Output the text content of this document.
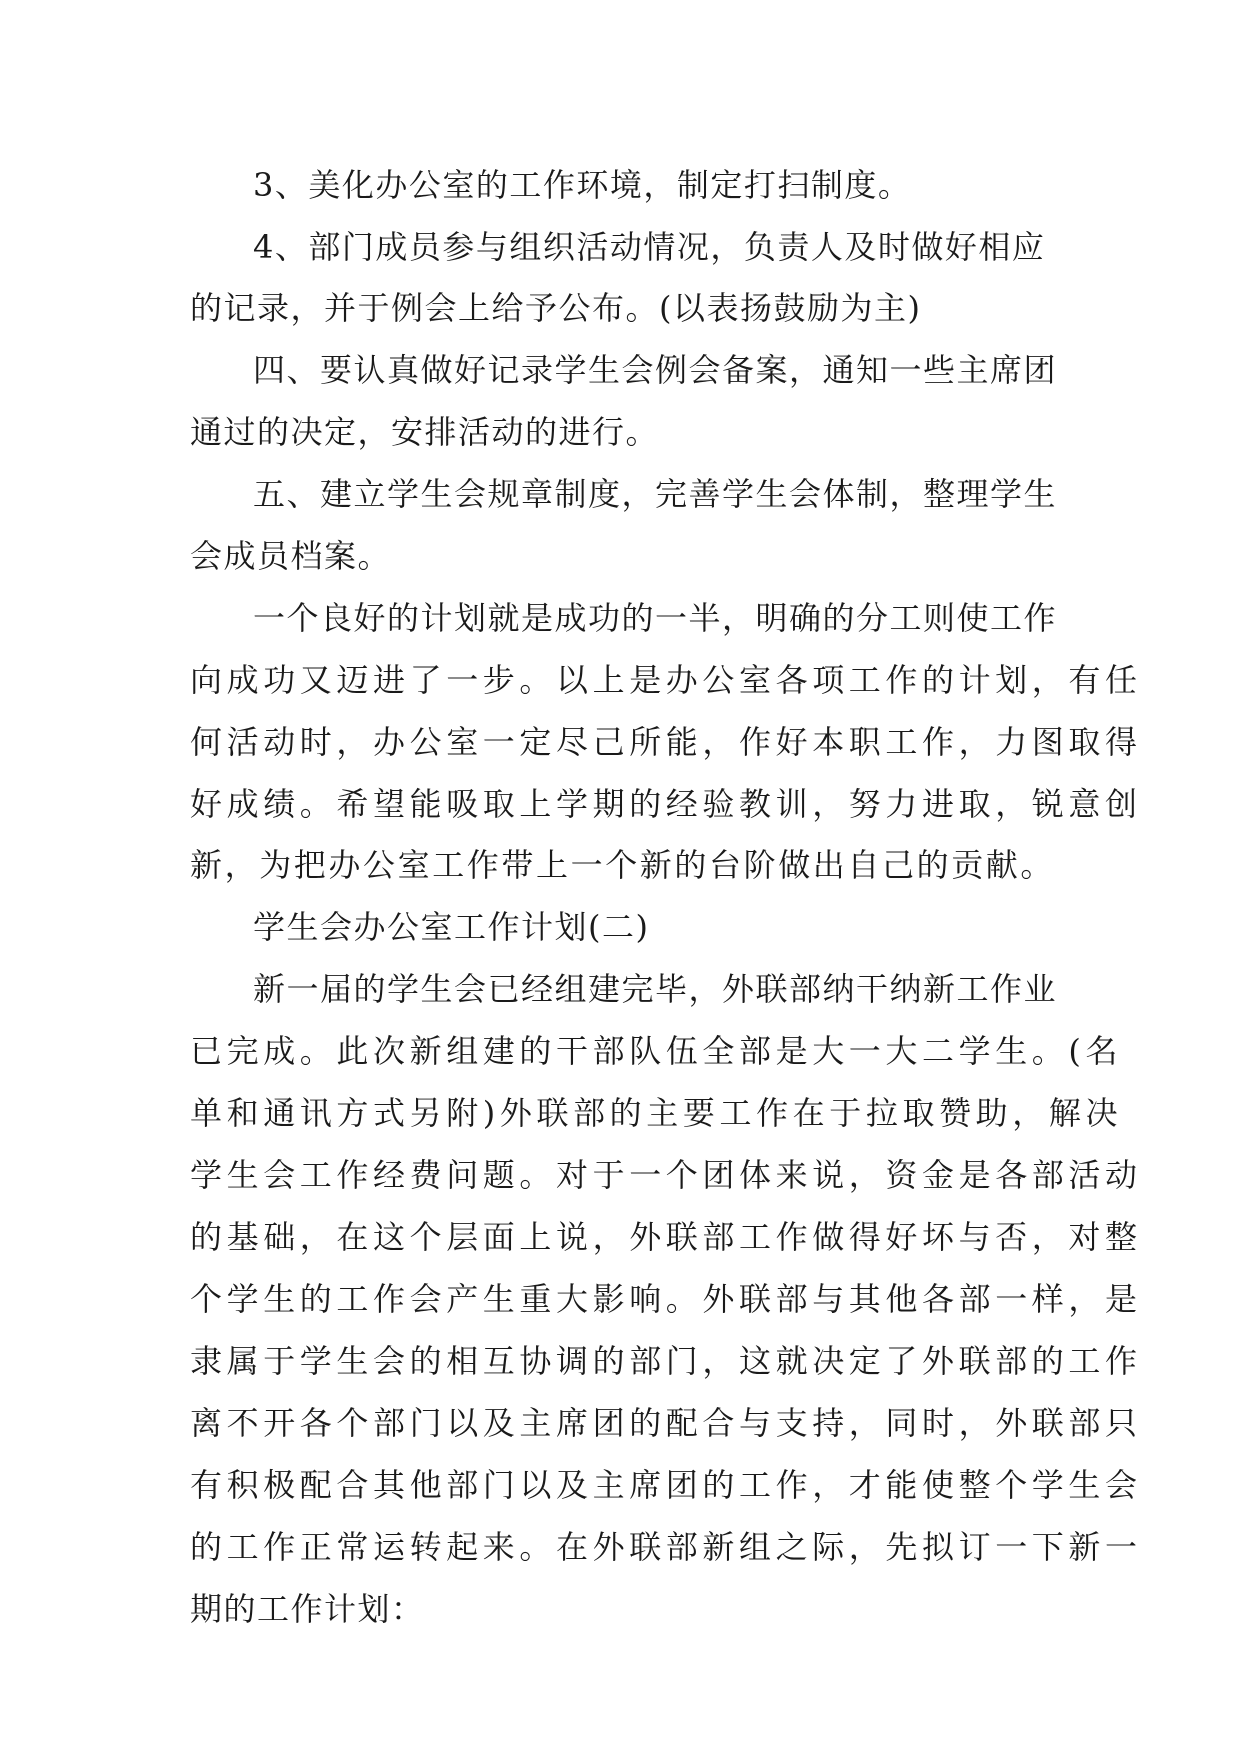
3、美化办公室的工作环境，制定打扫制度。

4、部门成员参与组织活动情况，负责人及时做好相应

的记录，并于例会上给予公布。(以表扬鼓励为主)

四、要认真做好记录学生会例会备案，通知一些主席团

通过的决定，安排活动的进行。

五、建立学生会规章制度，完善学生会体制，整理学生

会成员档案。

一个良好的计划就是成功的一半，明确的分工则使工作

向成功又迈进了一步。以上是办公室各项工作的计划，有任

何活动时，办公室一定尽己所能，作好本职工作，力图取得

好成绩。希望能吸取上学期的经验教训，努力进取，锐意创

新，为把办公室工作带上一个新的台阶做出自己的贡献。

学生会办公室工作计划(二)

新一届的学生会已经组建完毕，外联部纳干纳新工作业

已完成。此次新组建的干部队伍全部是大一大二学生。(名

单和通讯方式另附)外联部的主要工作在于拉取赞助，解决

学生会工作经费问题。对于一个团体来说，资金是各部活动

的基础，在这个层面上说，外联部工作做得好坏与否，对整

个学生的工作会产生重大影响。外联部与其他各部一样，是

隶属于学生会的相互协调的部门，这就决定了外联部的工作

离不开各个部门以及主席团的配合与支持，同时，外联部只

有积极配合其他部门以及主席团的工作，才能使整个学生会

的工作正常运转起来。在外联部新组之际，先拟订一下新一

期的工作计划：
